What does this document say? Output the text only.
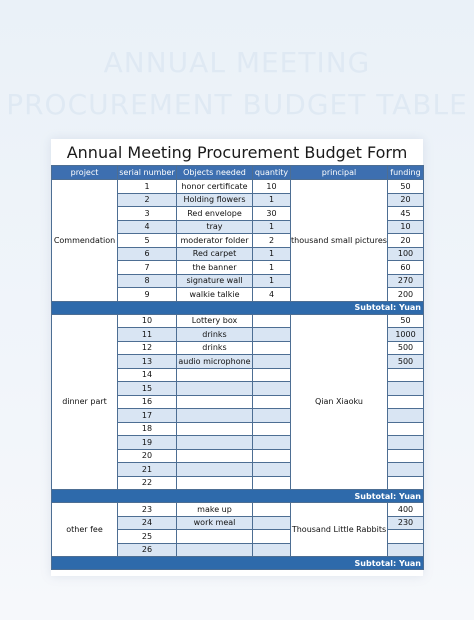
ANNUAL MEETING
PROCUREMENT BUDGET TABLE
Annual Meeting Procurement Budget Form
project	serial number	Objects needed	quantity	principal	funding
Commendation	1	honor certificate	10	thousand small pictures	50
	2	Holding flowers	1		20
	3	Red envelope	30		45
	4	tray	1		10
	5	moderator folder	2		20
	6	Red carpet	1		100
	7	the banner	1		60
	8	signature wall	1		270
	9	walkie talkie	4		200
Subtotal: Yuan					
dinner part	10	Lottery box		Qian Xiaoku	50
	11	drinks			1000
	12	drinks			500
	13	audio microphone			500
	14				
	15				
	16				
	17				
	18				
	19				
	20				
	21				
	22				
Subtotal: Yuan					
other fee	23	make up		Thousand Little Rabbits	400
	24	work meal			230
	25				
	26				
Subtotal: Yuan					
